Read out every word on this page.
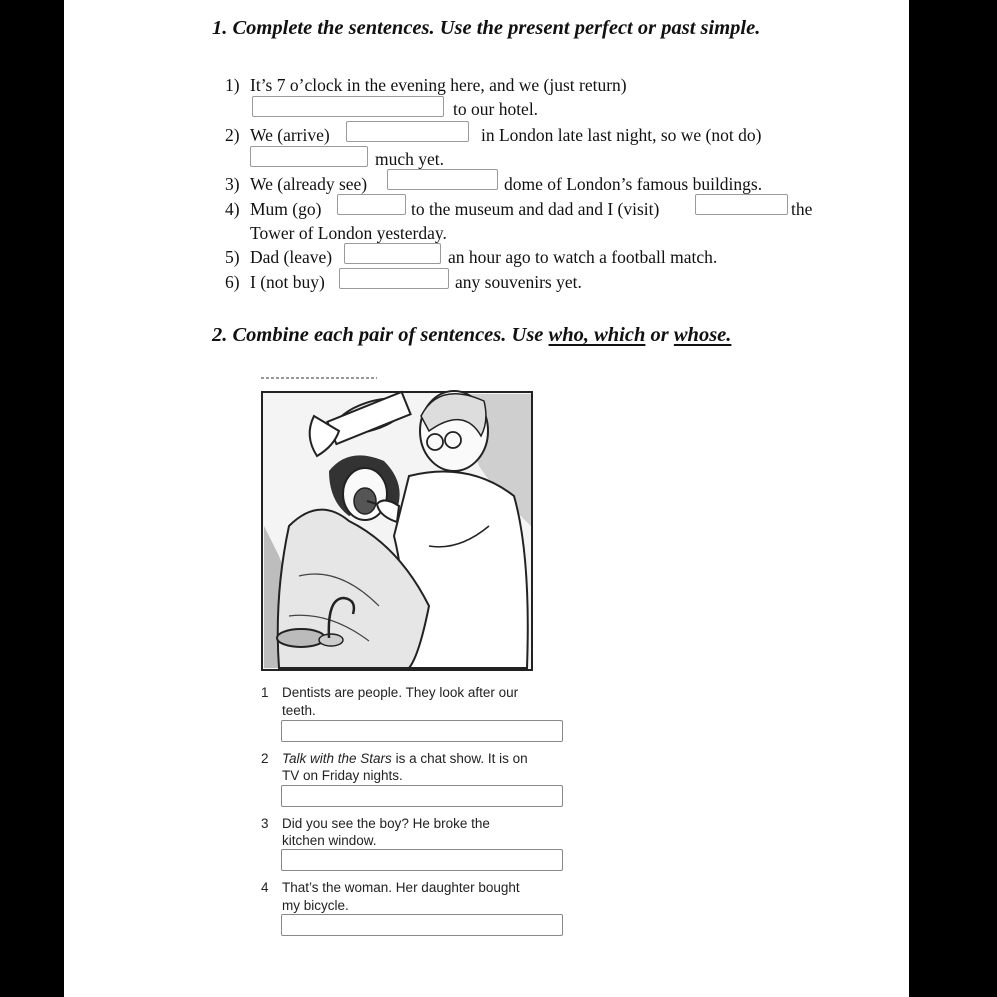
1. Complete the sentences. Use the present perfect or past simple.
1) It’s 7 o’clock in the evening here, and we (just return)
to our hotel.
2) We (arrive)	in London late last night, so we (not do)
much yet.
3) We (already see)	dome of London’s famous buildings.
4) Mum (go)	to the museum and dad and I (visit)	the
Tower of London yesterday.
5) Dad (leave)	an hour ago to watch a football match.
6) I (not buy)	any souvenirs yet.
2. Combine each pair of sentences. Use who, which or whose.
1 Dentists are people. They look after our
teeth.
2 Talk with the Stars is a chat show. It is on
TV on Friday nights.
3 Did you see the boy? He broke the
kitchen window.
4 That’s the woman. Her daughter bought
my bicycle.
